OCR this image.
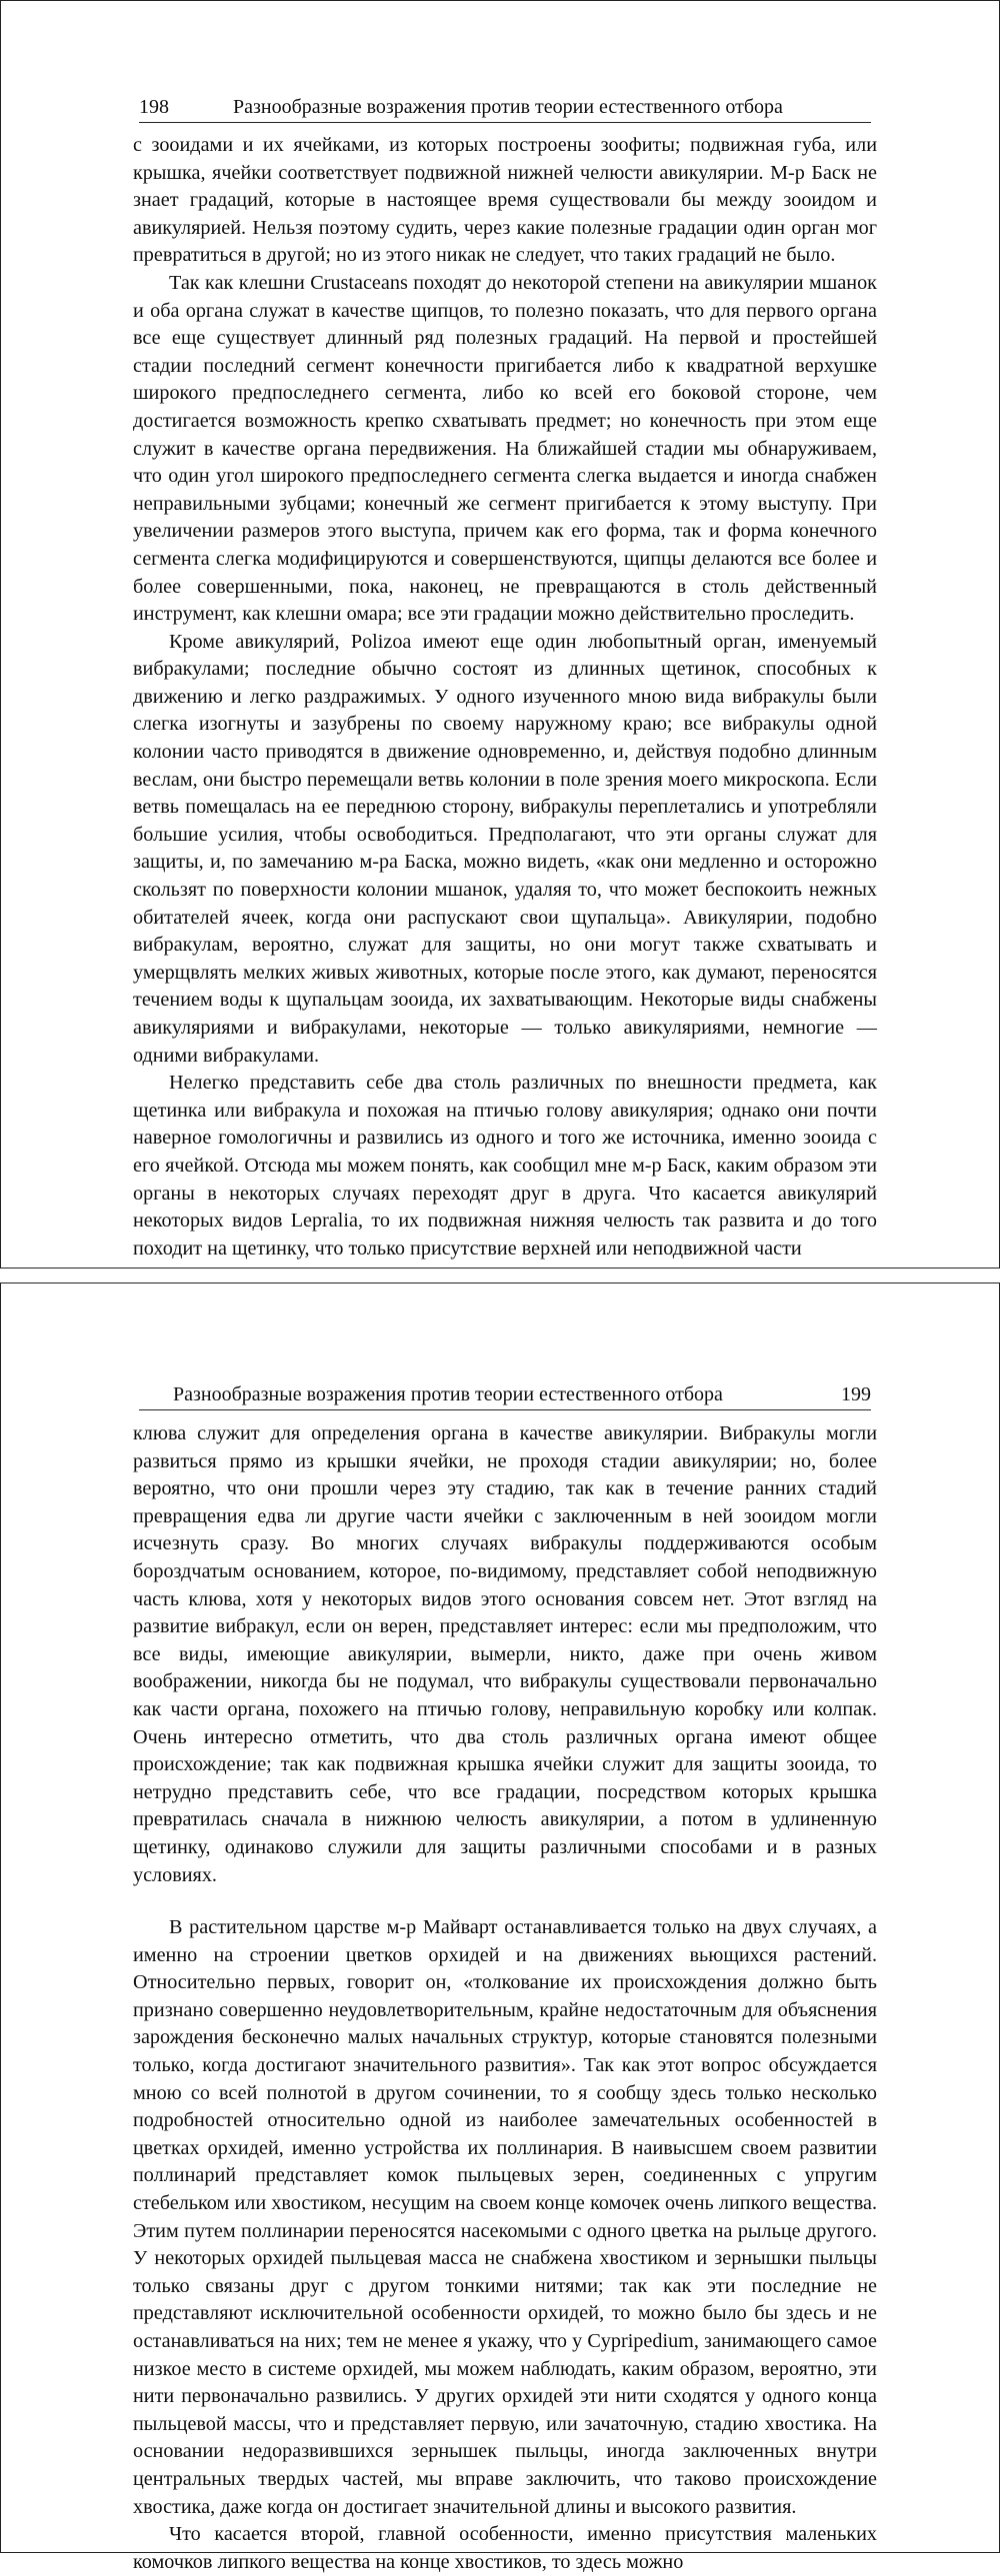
198	Разнообразные возражения против теории естественного отбора

с зооидами и их ячейками, из которых построены зоофиты; подвижная губа, или крышка, ячейки соответствует подвижной нижней челюсти авикулярии. М-р Баск не знает градаций, которые в настоящее время существовали бы между зооидом и авикулярией. Нельзя поэтому судить, через какие полезные градации один орган мог превратиться в другой; но из этого никак не следует, что таких градаций не было.

Так как клешни Crustaceans походят до некоторой степени на авикулярии мшанок и оба органа служат в качестве щипцов, то полезно показать, что для первого органа все еще существует длинный ряд полезных градаций. На первой и простейшей стадии последний сегмент конечности пригибается либо к квадратной верхушке широкого предпоследнего сегмента, либо ко всей его боковой стороне, чем достигается возможность крепко схватывать предмет; но конечность при этом еще служит в качестве органа передвижения. На ближайшей стадии мы обнаруживаем, что один угол широкого предпоследнего сегмента слегка выдается и иногда снабжен неправильными зубцами; конечный же сегмент пригибается к этому выступу. При увеличении размеров этого выступа, причем как его форма, так и форма конечного сегмента слегка модифицируются и совершенствуются, щипцы делаются все более и более совершенными, пока, наконец, не превращаются в столь действенный инструмент, как клешни омара; все эти градации можно действительно проследить.

Кроме авикулярий, Polizoa имеют еще один любопытный орган, именуемый вибракулами; последние обычно состоят из длинных щетинок, способных к движению и легко раздражимых. У одного изученного мною вида вибракулы были слегка изогнуты и зазубрены по своему наружному краю; все вибракулы одной колонии часто приводятся в движение одновременно, и, действуя подобно длинным веслам, они быстро перемещали ветвь колонии в поле зрения моего микроскопа. Если ветвь помещалась на ее переднюю сторону, вибракулы переплетались и употребляли большие усилия, чтобы освободиться. Предполагают, что эти органы служат для защиты, и, по замечанию м-ра Баска, можно видеть, «как они медленно и осторожно скользят по поверхности колонии мшанок, удаляя то, что может беспокоить нежных обитателей ячеек, когда они распускают свои щупальца». Авикулярии, подобно вибракулам, вероятно, служат для защиты, но они могут также схватывать и умерщвлять мелких живых животных, которые после этого, как думают, переносятся течением воды к щупальцам зооида, их захватывающим. Некоторые виды снабжены авикуляриями и вибракулами, некоторые — только авикуляриями, немногие — одними вибракулами.

Нелегко представить себе два столь различных по внешности предмета, как щетинка или вибракула и похожая на птичью голову авикулярия; однако они почти наверное гомологичны и развились из одного и того же источника, именно зооида с его ячейкой. Отсюда мы можем понять, как сообщил мне м-р Баск, каким образом эти органы в некоторых случаях переходят друг в друга. Что касается авикулярий некоторых видов Lepralia, то их подвижная нижняя челюсть так развита и до того походит на щетинку, что только присутствие верхней или неподвижной части

Разнообразные возражения против теории естественного отбора	199

клюва служит для определения органа в качестве авикулярии. Вибракулы могли развиться прямо из крышки ячейки, не проходя стадии авикулярии; но, более вероятно, что они прошли через эту стадию, так как в течение ранних стадий превращения едва ли другие части ячейки с заключенным в ней зооидом могли исчезнуть сразу. Во многих случаях вибракулы поддерживаются особым бороздчатым основанием, которое, по-видимому, представляет собой неподвижную часть клюва, хотя у некоторых видов этого основания совсем нет. Этот взгляд на развитие вибракул, если он верен, представляет интерес: если мы предположим, что все виды, имеющие авикулярии, вымерли, никто, даже при очень живом воображении, никогда бы не подумал, что вибракулы существовали первоначально как части органа, похожего на птичью голову, неправильную коробку или колпак. Очень интересно отметить, что два столь различных органа имеют общее происхождение; так как подвижная крышка ячейки служит для защиты зооида, то нетрудно представить себе, что все градации, посредством которых крышка превратилась сначала в нижнюю челюсть авикулярии, а потом в удлиненную щетинку, одинаково служили для защиты различными способами и в разных условиях.

В растительном царстве м-р Майварт останавливается только на двух случаях, а именно на строении цветков орхидей и на движениях вьющихся растений. Относительно первых, говорит он, «толкование их происхождения должно быть признано совершенно неудовлетворительным, крайне недостаточным для объяснения зарождения бесконечно малых начальных структур, которые становятся полезными только, когда достигают значительного развития». Так как этот вопрос обсуждается мною со всей полнотой в другом сочинении, то я сообщу здесь только несколько подробностей относительно одной из наиболее замечательных особенностей в цветках орхидей, именно устройства их поллинария. В наивысшем своем развитии поллинарий представляет комок пыльцевых зерен, соединенных с упругим стебельком или хвостиком, несущим на своем конце комочек очень липкого вещества. Этим путем поллинарии переносятся насекомыми с одного цветка на рыльце другого. У некоторых орхидей пыльцевая масса не снабжена хвостиком и зернышки пыльцы только связаны друг с другом тонкими нитями; так как эти последние не представляют исключительной особенности орхидей, то можно было бы здесь и не останавливаться на них; тем не менее я укажу, что у Cypripedium, занимающего самое низкое место в системе орхидей, мы можем наблюдать, каким образом, вероятно, эти нити первоначально развились. У других орхидей эти нити сходятся у одного конца пыльцевой массы, что и представляет первую, или зачаточную, стадию хвостика. На основании недоразвившихся зернышек пыльцы, иногда заключенных внутри центральных твердых частей, мы вправе заключить, что таково происхождение хвостика, даже когда он достигает значительной длины и высокого развития.

Что касается второй, главной особенности, именно присутствия маленьких комочков липкого вещества на конце хвостиков, то здесь можно
